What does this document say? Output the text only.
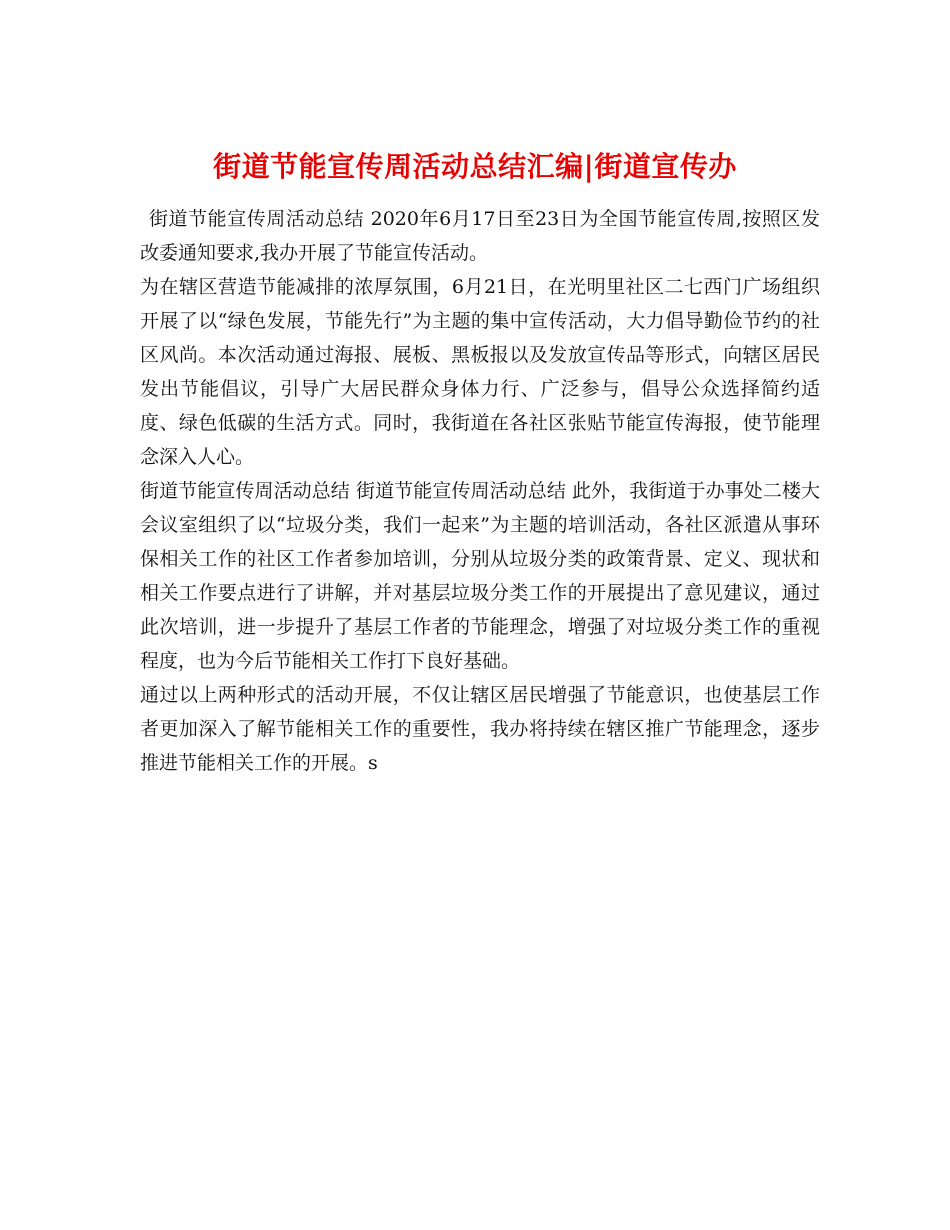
街道节能宣传周活动总结汇编|街道宣传办

街道节能宣传周活动总结 2020年6月17日至23日为全国节能宣传周,按照区发改委通知要求,我办开展了节能宣传活动。

为在辖区营造节能减排的浓厚氛围，6月21日，在光明里社区二七西门广场组织开展了以“绿色发展，节能先行”为主题的集中宣传活动，大力倡导勤俭节约的社区风尚。本次活动通过海报、展板、黑板报以及发放宣传品等形式，向辖区居民发出节能倡议，引导广大居民群众身体力行、广泛参与，倡导公众选择简约适度、绿色低碳的生活方式。同时，我街道在各社区张贴节能宣传海报，使节能理念深入人心。

街道节能宣传周活动总结 街道节能宣传周活动总结 此外，我街道于办事处二楼大会议室组织了以“垃圾分类，我们一起来”为主题的培训活动，各社区派遣从事环保相关工作的社区工作者参加培训，分别从垃圾分类的政策背景、定义、现状和相关工作要点进行了讲解，并对基层垃圾分类工作的开展提出了意见建议，通过此次培训，进一步提升了基层工作者的节能理念，增强了对垃圾分类工作的重视程度，也为今后节能相关工作打下良好基础。

通过以上两种形式的活动开展，不仅让辖区居民增强了节能意识，也使基层工作者更加深入了解节能相关工作的重要性，我办将持续在辖区推广节能理念，逐步推进节能相关工作的开展。s
